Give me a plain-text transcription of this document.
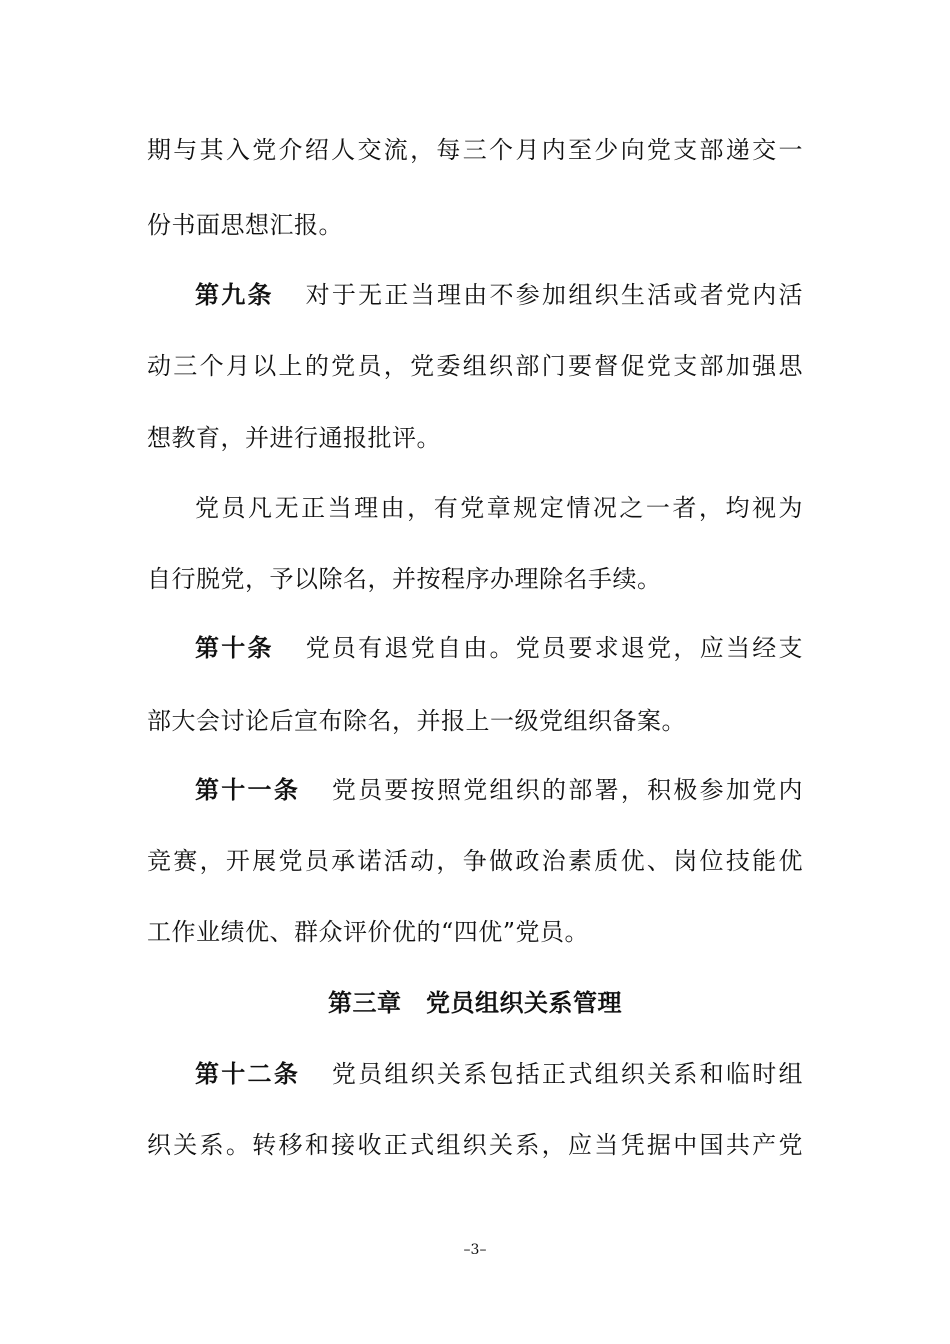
期与其入党介绍人交流，每三个月内至少向党支部递交一
份书面思想汇报。
第九条 对于无正当理由不参加组织生活或者党内活
动三个月以上的党员，党委组织部门要督促党支部加强思
想教育，并进行通报批评。
党员凡无正当理由，有党章规定情况之一者，均视为
自行脱党，予以除名，并按程序办理除名手续。
第十条 党员有退党自由。党员要求退党，应当经支
部大会讨论后宣布除名，并报上一级党组织备案。
第十一条 党员要按照党组织的部署，积极参加党内
竞赛，开展党员承诺活动，争做政治素质优、岗位技能优
工作业绩优、群众评价优的“四优”党员。
第三章　党员组织关系管理
第十二条 党员组织关系包括正式组织关系和临时组
织关系。转移和接收正式组织关系，应当凭据中国共产党
–3–
